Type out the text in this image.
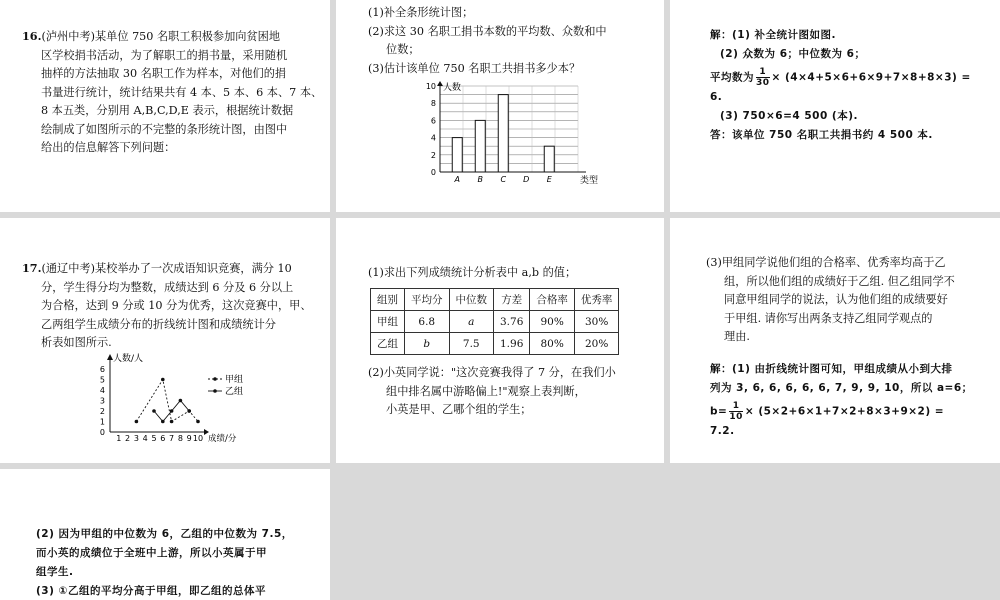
16.(泸州中考)某单位 750 名职工积极参加向贫困地
区学校捐书活动，为了解职工的捐书量，采用随机
抽样的方法抽取 30 名职工作为样本，对他们的捐
书量进行统计，统计结果共有 4 本、5 本、6 本、7 本、
8 本五类，分别用 A,B,C,D,E 表示，根据统计数据
绘制成了如图所示的不完整的条形统计图，由图中
给出的信息解答下列问题：
(1)补全条形统计图；
(2)求这 30 名职工捐书本数的平均数、众数和中
位数；
(3)估计该单位 750 名职工共捐书多少本？
0
2
4
6
8
10 人数
A B C D E	类型
解：(1) 补全统计图如图.
(2) 众数为 6；中位数为 6；
平均数为 $\frac{1}{30} \times (4\times 4+5\times 6+6\times 9+7\times 8+8\times 3)$ =
6.
(3) 750×6=4 500 (本).
答：该单位 750 名职工共捐书约 4 500 本.
17.(通辽中考)某校举办了一次成语知识竞赛，满分 10
分，学生得分均为整数，成绩达到 6 分及 6 分以上
为合格，达到 9 分或 10 分为优秀，这次竞赛中，甲、
乙两组学生成绩分布的折线统计图和成绩统计分
析表如图所示.
0
1
2
3
4
5
6
1 2 3 4 5 6 7 8 9 10
人数/人
成绩/分
甲组
乙组
(1)求出下列成绩统计分析表中 a,b 的值；
组别	平均分	中位数	方差	合格率	优秀率
甲组	6.8	a	3.76	90%	30%
乙组	b	7.5	1.96	80%	20%
(2)小英同学说："这次竞赛我得了 7 分，在我们小
组中排名属中游略偏上!"观察上表判断，
小英是甲、乙哪个组的学生；
(3)甲组同学说他们组的合格率、优秀率均高于乙
组，所以他们组的成绩好于乙组. 但乙组同学不
同意甲组同学的说法，认为他们组的成绩要好
于甲组. 请你写出两条支持乙组同学观点的
理由.
解：(1) 由折线统计图可知，甲组成绩从小到大排
列为 3, 6, 6, 6, 6, 6, 7, 9, 9, 10，所以 a=6；
$b= \frac{1}{10} \times (5\times 2+6\times 1+7\times 2+8\times 3+9\times 2)$ =
7.2.
(2) 因为甲组的中位数为 6，乙组的中位数为 7.5，
而小英的成绩位于全班中上游，所以小英属于甲
组学生.
(3) ①乙组的平均分高于甲组，即乙组的总体平
